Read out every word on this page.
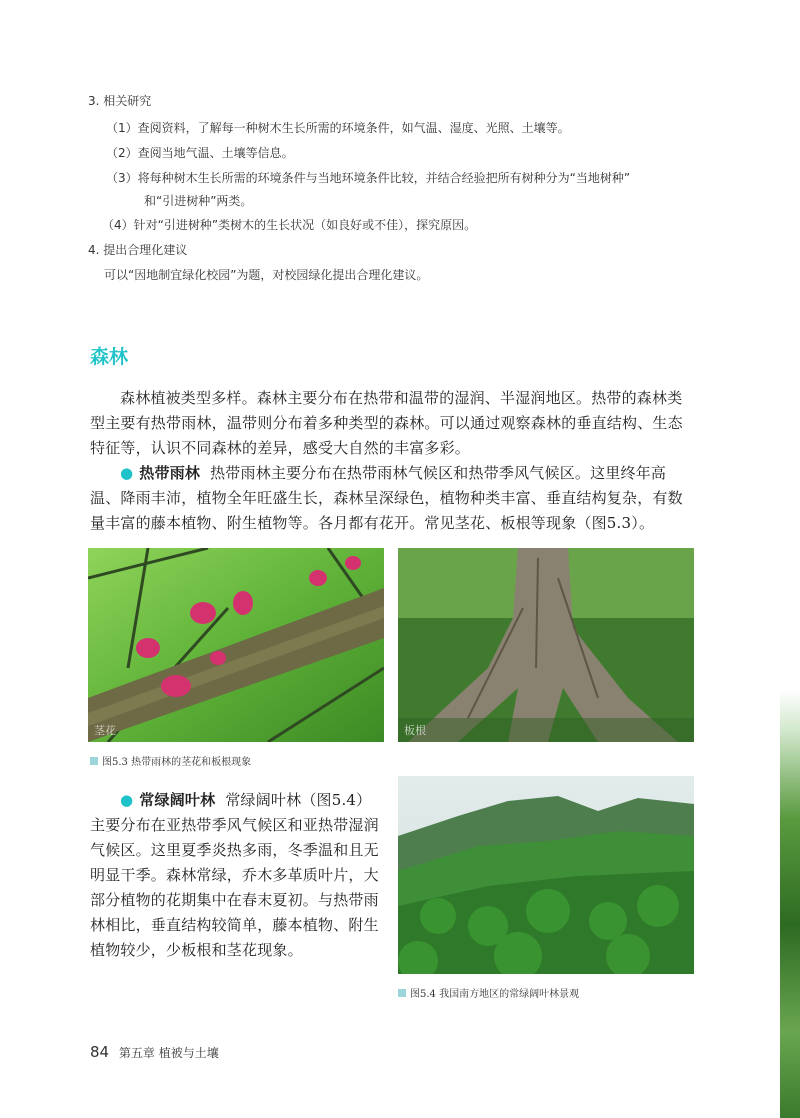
3. 相关研究
（1）查阅资料，了解每一种树木生长所需的环境条件，如气温、湿度、光照、土壤等。
（2）查阅当地气温、土壤等信息。
（3）将每种树木生长所需的环境条件与当地环境条件比较，并结合经验把所有树种分为“当地树种”
和“引进树种”两类。
（4）针对“引进树种”类树木的生长状况（如良好或不佳），探究原因。
4. 提出合理化建议
可以“因地制宜绿化校园”为题，对校园绿化提出合理化建议。
森林
森林植被类型多样。森林主要分布在热带和温带的湿润、半湿润地区。热带的森林类型主要有热带雨林，温带则分布着多种类型的森林。可以通过观察森林的垂直结构、生态特征等，认识不同森林的差异，感受大自然的丰富多彩。
● 热带雨林 热带雨林主要分布在热带雨林气候区和热带季风气候区。这里终年高温、降雨丰沛，植物全年旺盛生长，森林呈深绿色，植物种类丰富、垂直结构复杂，有数量丰富的藤本植物、附生植物等。各月都有花开。常见茎花、板根等现象（图5.3）。
茎花	板根
图5.3 热带雨林的茎花和板根现象
● 常绿阔叶林 常绿阔叶林（图5.4）主要分布在亚热带季风气候区和亚热带湿润气候区。这里夏季炎热多雨，冬季温和且无明显干季。森林常绿，乔木多革质叶片，大部分植物的花期集中在春末夏初。与热带雨林相比，垂直结构较简单，藤本植物、附生植物较少，少板根和茎花现象。
图5.4 我国南方地区的常绿阔叶林景观
84 第五章 植被与土壤
